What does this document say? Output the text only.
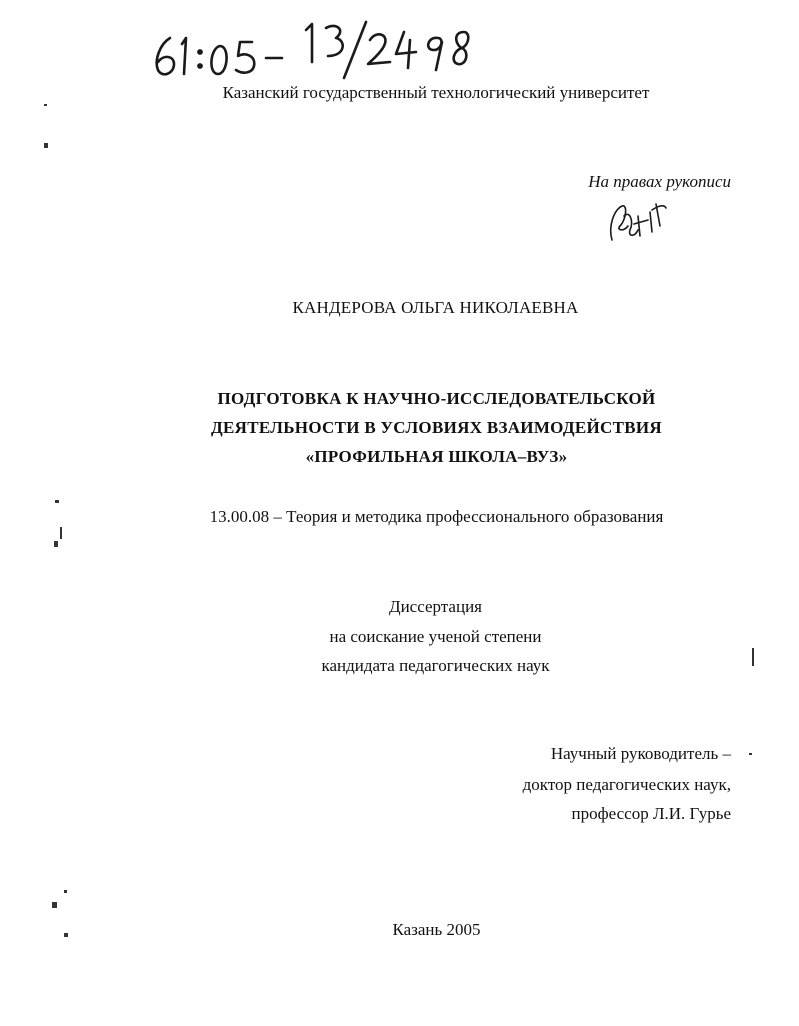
Казанский государственный технологический университет
На правах рукописи
КАНДЕРОВА ОЛЬГА НИКОЛАЕВНА
ПОДГОТОВКА К НАУЧНО-ИССЛЕДОВАТЕЛЬСКОЙ
ДЕЯТЕЛЬНОСТИ В УСЛОВИЯХ ВЗАИМОДЕЙСТВИЯ
«ПРОФИЛЬНАЯ ШКОЛА–ВУЗ»
13.00.08 – Теория и методика профессионального образования
Диссертация
на соискание ученой степени
кандидата педагогических наук
Научный руководитель –
доктор педагогических наук,
профессор Л.И. Гурье
Казань 2005
